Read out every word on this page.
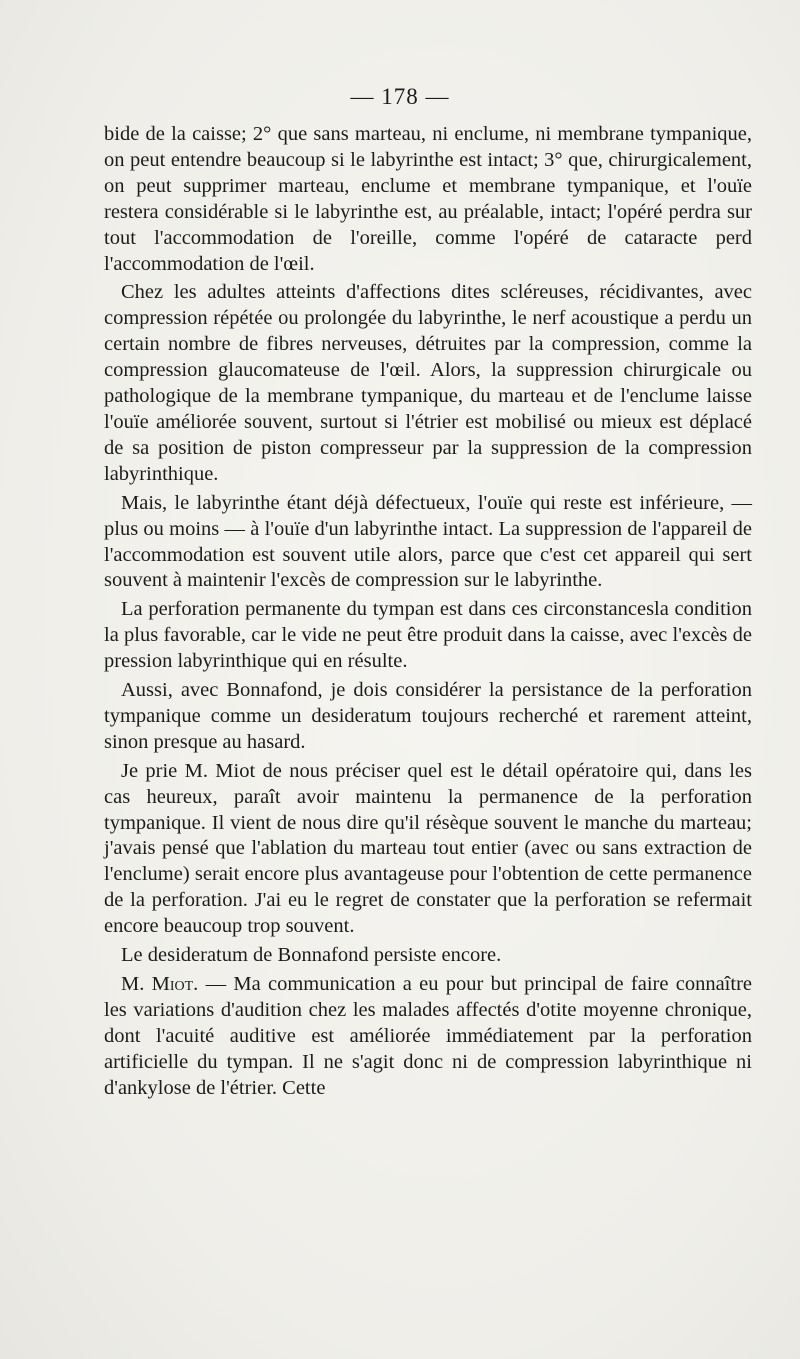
— 178 —

bide de la caisse; 2° que sans marteau, ni enclume, ni membrane tympanique, on peut entendre beaucoup si le labyrinthe est intact; 3° que, chirurgicalement, on peut supprimer marteau, enclume et membrane tympanique, et l'ouïe restera considérable si le labyrinthe est, au préalable, intact; l'opéré perdra sur tout l'accommodation de l'oreille, comme l'opéré de cataracte perd l'accommodation de l'œil.

Chez les adultes atteints d'affections dites scléreuses, récidivantes, avec compression répétée ou prolongée du labyrinthe, le nerf acoustique a perdu un certain nombre de fibres nerveuses, détruites par la compression, comme la compression glaucomateuse de l'œil. Alors, la suppression chirurgicale ou pathologique de la membrane tympanique, du marteau et de l'enclume laisse l'ouïe améliorée souvent, surtout si l'étrier est mobilisé ou mieux est déplacé de sa position de piston compresseur par la suppression de la compression labyrinthique.

Mais, le labyrinthe étant déjà défectueux, l'ouïe qui reste est inférieure, — plus ou moins — à l'ouïe d'un labyrinthe intact. La suppression de l'appareil de l'accommodation est souvent utile alors, parce que c'est cet appareil qui sert souvent à maintenir l'excès de compression sur le labyrinthe.

La perforation permanente du tympan est dans ces circonstancesla condition la plus favorable, car le vide ne peut être produit dans la caisse, avec l'excès de pression labyrinthique qui en résulte.

Aussi, avec Bonnafond, je dois considérer la persistance de la perforation tympanique comme un desideratum toujours recherché et rarement atteint, sinon presque au hasard.

Je prie M. Miot de nous préciser quel est le détail opératoire qui, dans les cas heureux, paraît avoir maintenu la permanence de la perforation tympanique. Il vient de nous dire qu'il résèque souvent le manche du marteau; j'avais pensé que l'ablation du marteau tout entier (avec ou sans extraction de l'enclume) serait encore plus avantageuse pour l'obtention de cette permanence de la perforation. J'ai eu le regret de constater que la perforation se refermait encore beaucoup trop souvent.

Le desideratum de Bonnafond persiste encore.

M. Miot. — Ma communication a eu pour but principal de faire connaître les variations d'audition chez les malades affectés d'otite moyenne chronique, dont l'acuité auditive est améliorée immédiatement par la perforation artificielle du tympan. Il ne s'agit donc ni de compression labyrinthique ni d'ankylose de l'étrier. Cette
